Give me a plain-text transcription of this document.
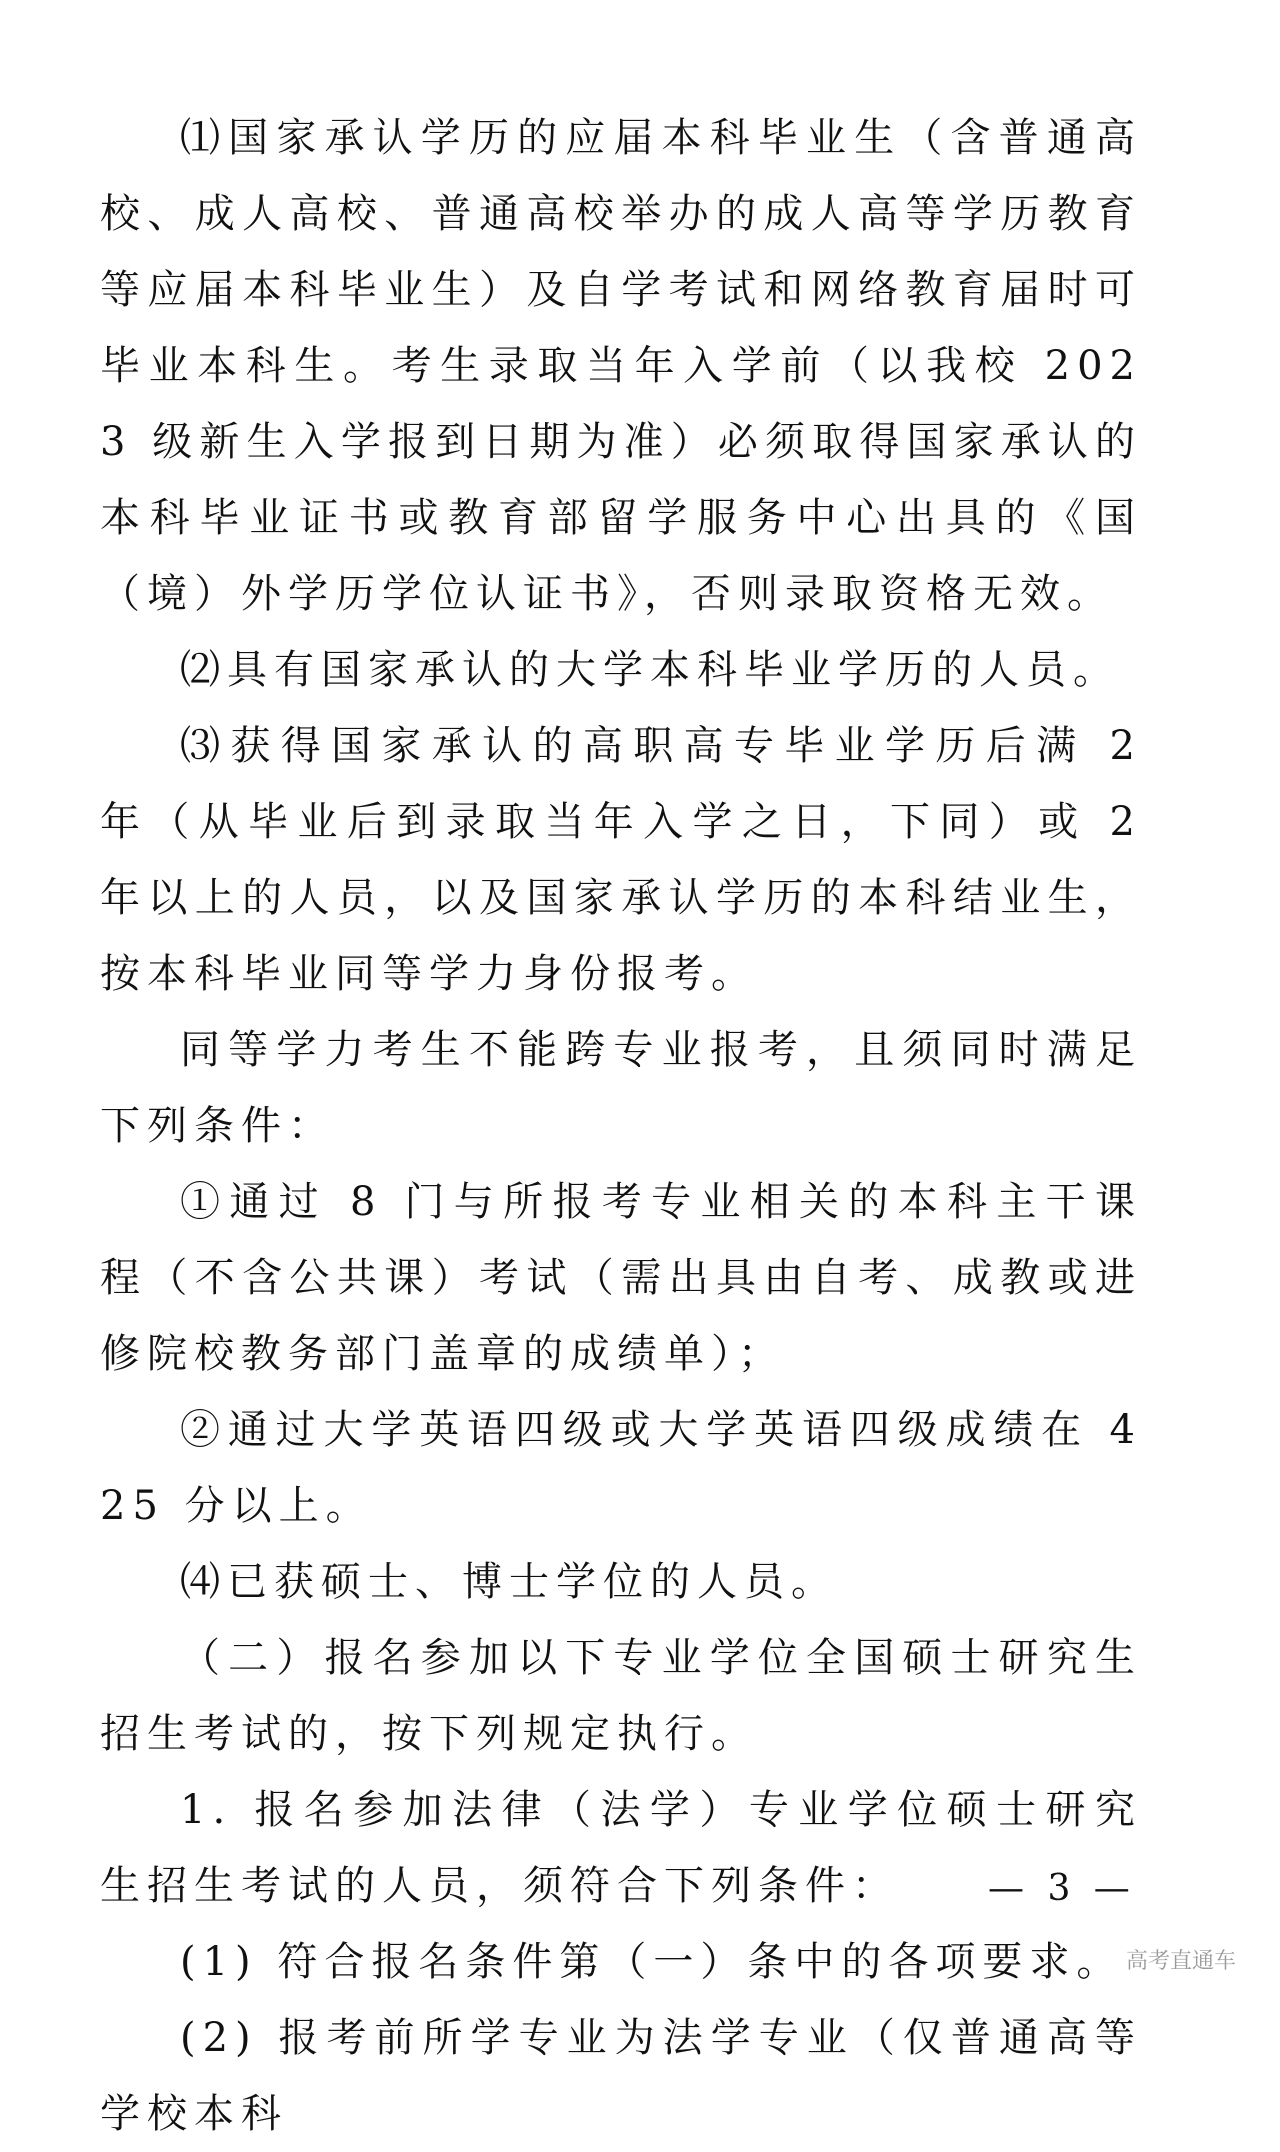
⑴国家承认学历的应届本科毕业生（含普通高校、成人高校、普通高校举办的成人高等学历教育等应届本科毕业生）及自学考试和网络教育届时可毕业本科生。考生录取当年入学前（以我校 2023 级新生入学报到日期为准）必须取得国家承认的本科毕业证书或教育部留学服务中心出具的《国（境）外学历学位认证书》，否则录取资格无效。

⑵具有国家承认的大学本科毕业学历的人员。

⑶获得国家承认的高职高专毕业学历后满 2 年（从毕业后到录取当年入学之日，下同）或 2 年以上的人员，以及国家承认学历的本科结业生，按本科毕业同等学力身份报考。

同等学力考生不能跨专业报考，且须同时满足下列条件：

①通过 8 门与所报考专业相关的本科主干课程（不含公共课）考试（需出具由自考、成教或进修院校教务部门盖章的成绩单）；

②通过大学英语四级或大学英语四级成绩在 425 分以上。

⑷已获硕士、博士学位的人员。

（二）报名参加以下专业学位全国硕士研究生招生考试的，按下列规定执行。

1. 报名参加法律（法学）专业学位硕士研究生招生考试的人员，须符合下列条件：

(1) 符合报名条件第（一）条中的各项要求。

(2) 报考前所学专业为法学专业（仅普通高等学校本科

— 3 —
高考直通车
